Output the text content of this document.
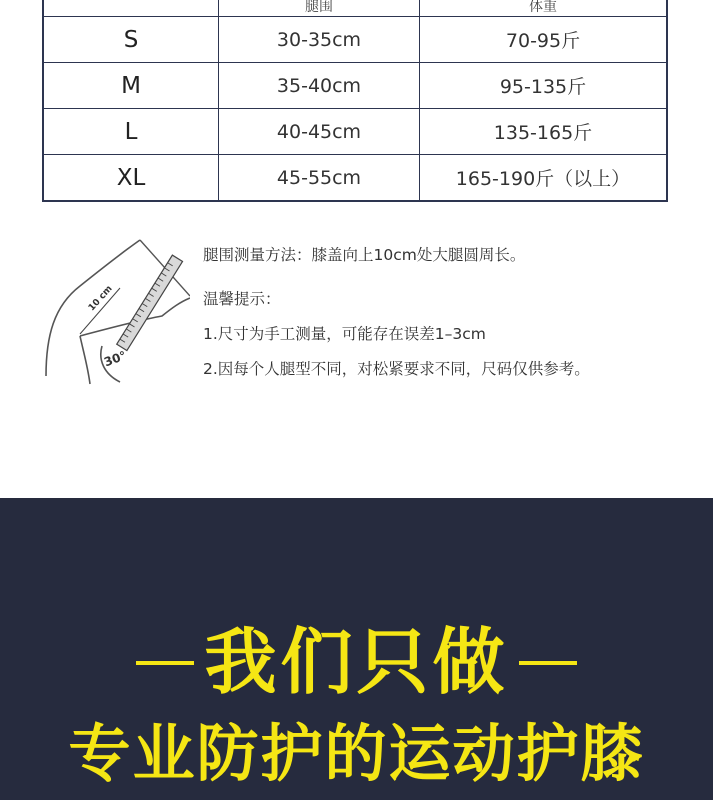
	腿围	体重
S	30-35cm	70-95斤
M	35-40cm	95-135斤
L	40-45cm	135-165斤
XL	45-55cm	165-190斤（以上）
10 cm
30°
腿围测量方法：膝盖向上10cm处大腿圆周长。
温馨提示：
1.尺寸为手工测量，可能存在误差1–3cm
2.因每个人腿型不同，对松紧要求不同，尺码仅供参考。
我们只做
专业防护的运动护膝
